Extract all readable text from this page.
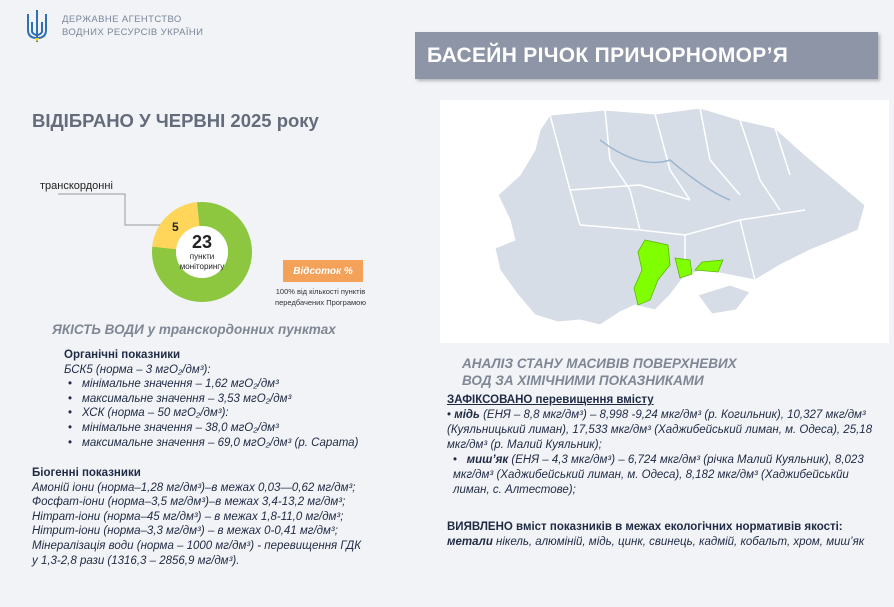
ДЕРЖАВНЕ АГЕНТСТВО
ВОДНИХ РЕСУРСІВ УКРАЇНИ
БАСЕЙН РІЧОК ПРИЧОРНОМОР’Я
ВІДІБРАНО У ЧЕРВНІ 2025 року
транскордонні
23
пункти
моніторингу
5
Відсоток %
100% від кількості пунктів передбачених Програмою
ЯКІСТЬ ВОДИ у транскордонних пунктах
Органічні показники
БСК5 (норма – 3 мгО₂/дм³):
• мінімальне значення – 1,62 мгО₂/дм³
• максимальне значення – 3,53 мгО₂/дм³
• ХСК (норма – 50 мгО₂/дм³):
• мінімальне значення – 38,0 мгО₂/дм³
• максимальне значення – 69,0 мгО₂/дм³ (р. Сарата)
Біогенні показники
Амоній іони (норма–1,28 мг/дм³)–в межах 0,03—0,62 мг/дм³;
Фосфат-іони (норма–3,5 мг/дм³)–в межах 3,4-13,2 мг/дм³;
Нітрат-іони (норма–45 мг/дм³) – в межах 1,8-11,0 мг/дм³;
Нітрит-іони (норма–3,3 мг/дм³) – в межах 0-0,41 мг/дм³;
Мінералізація води (норма – 1000 мг/дм³) - перевищення ГДК
у 1,3-2,8 рази (1316,3 – 2856,9 мг/дм³).
АНАЛІЗ СТАНУ МАСИВІВ ПОВЕРХНЕВИХ
ВОД ЗА ХІМІЧНИМИ ПОКАЗНИКАМИ
ЗАФІКСОВАНО перевищення вмісту
• мідь (ЕНЯ – 8,8 мкг/дм³) – 8,998 -9,24 мкг/дм³ (р. Когильник), 10,327 мкг/дм³ (Куяльницький лиман), 17,533 мкг/дм³ (Хаджибейський лиман, м. Одеса), 25,18 мкг/дм³ (р. Малий Куяльник);
•   миш’як (ЕНЯ – 4,3 мкг/дм³) – 6,724 мкг/дм³ (річка Малий Куяльник), 8,023 мкг/дм³ (Хаджибейський лиман, м. Одеса), 8,182 мкг/дм³ (Хаджибейськйи лиман, с. Алтестове);
ВИЯВЛЕНО вміст показників в межах екологічних нормативів якості:
метали нікель, алюміній, мідь, цинк, свинець, кадмій, кобальт, хром, миш’як
